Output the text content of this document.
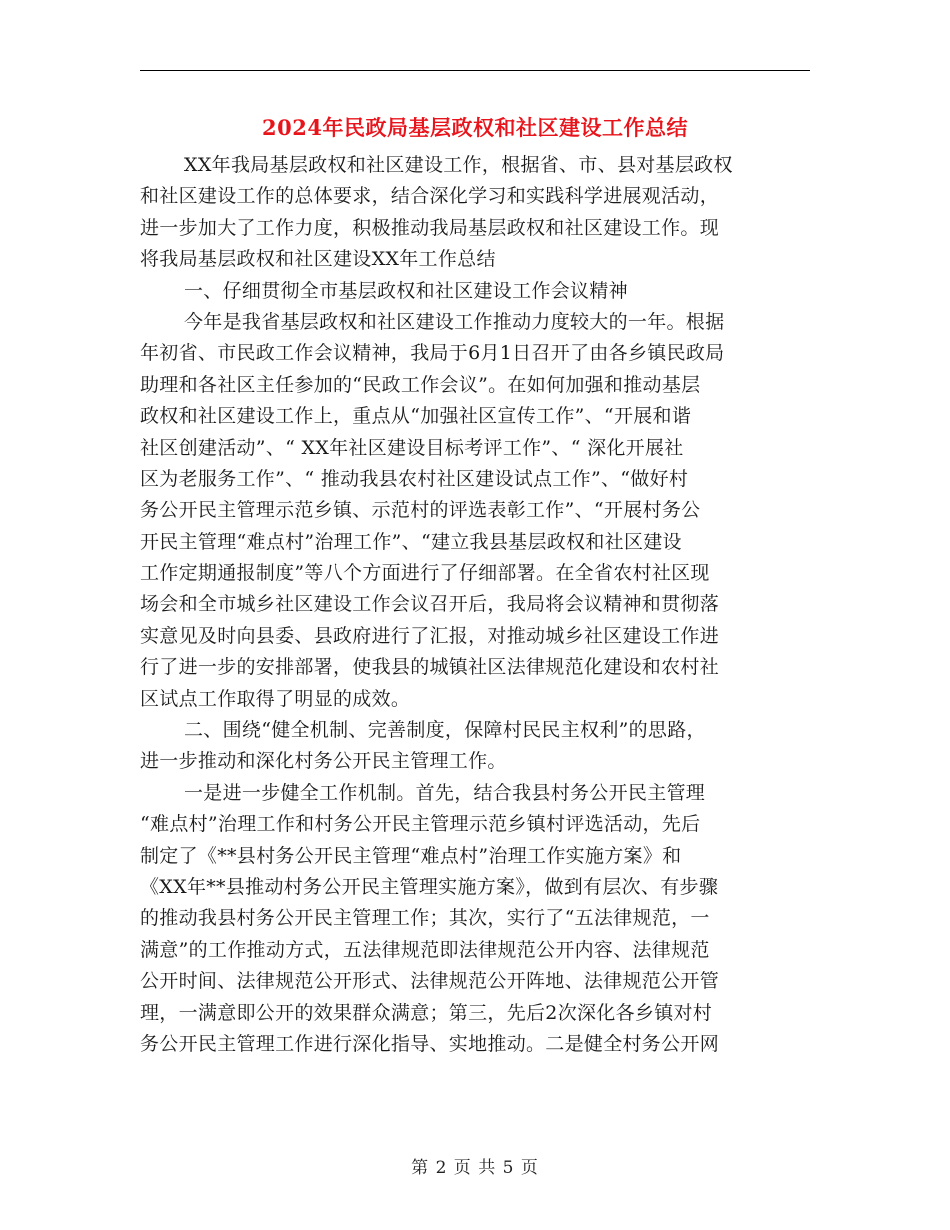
2024年民政局基层政权和社区建设工作总结
XX年我局基层政权和社区建设工作，根据省、市、县对基层政权
和社区建设工作的总体要求，结合深化学习和实践科学进展观活动，
进一步加大了工作力度，积极推动我局基层政权和社区建设工作。现
将我局基层政权和社区建设XX年工作总结
一、仔细贯彻全市基层政权和社区建设工作会议精神
今年是我省基层政权和社区建设工作推动力度较大的一年。根据
年初省、市民政工作会议精神，我局于6月1日召开了由各乡镇民政局
助理和各社区主任参加的“民政工作会议”。在如何加强和推动基层
政权和社区建设工作上，重点从“加强社区宣传工作”、“开展和谐
社区创建活动”、“ XX年社区建设目标考评工作”、“ 深化开展社
区为老服务工作”、“ 推动我县农村社区建设试点工作”、“做好村
务公开民主管理示范乡镇、示范村的评选表彰工作”、“开展村务公
开民主管理“难点村”治理工作”、“建立我县基层政权和社区建设
工作定期通报制度”等八个方面进行了仔细部署。在全省农村社区现
场会和全市城乡社区建设工作会议召开后，我局将会议精神和贯彻落
实意见及时向县委、县政府进行了汇报，对推动城乡社区建设工作进
行了进一步的安排部署，使我县的城镇社区法律规范化建设和农村社
区试点工作取得了明显的成效。
二、围绕“健全机制、完善制度，保障村民民主权利”的思路，
进一步推动和深化村务公开民主管理工作。
一是进一步健全工作机制。首先，结合我县村务公开民主管理
“难点村”治理工作和村务公开民主管理示范乡镇村评选活动，先后
制定了《**县村务公开民主管理“难点村”治理工作实施方案》和
《XX年**县推动村务公开民主管理实施方案》，做到有层次、有步骤
的推动我县村务公开民主管理工作；其次，实行了“五法律规范，一
满意”的工作推动方式，五法律规范即法律规范公开内容、法律规范
公开时间、法律规范公开形式、法律规范公开阵地、法律规范公开管
理，一满意即公开的效果群众满意；第三，先后2次深化各乡镇对村
务公开民主管理工作进行深化指导、实地推动。二是健全村务公开网
第 2 页 共 5 页
